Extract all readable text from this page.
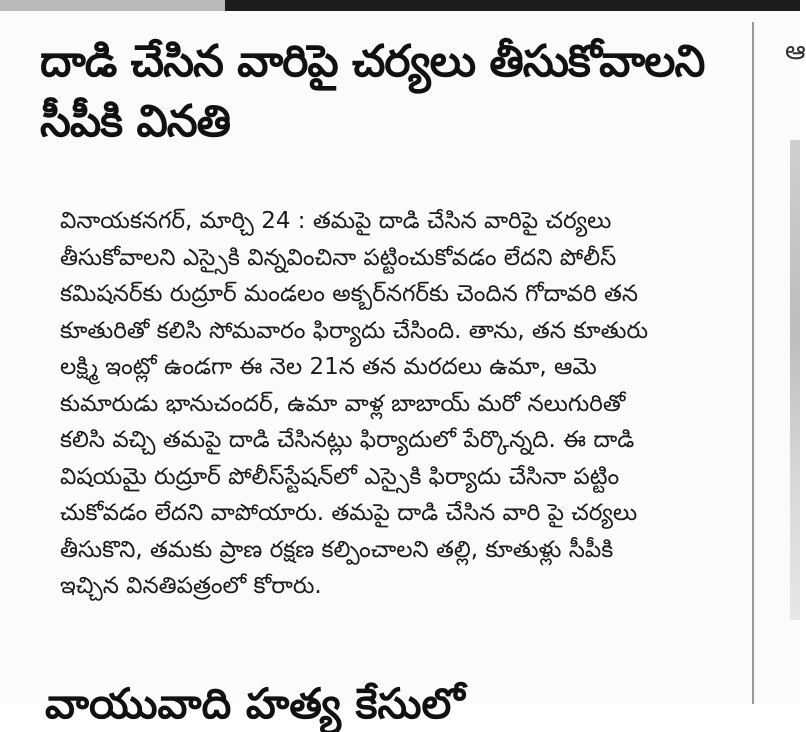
దాడి చేసిన వారిపై చర్యలు తీసుకోవాలని సీపీకి వినతి
వినాయకనగర్, మార్చి 24 : తమపై దాడి చేసిన వారిపై చర్యలు
తీసుకోవాలని ఎస్సైకి విన్నవించినా పట్టించుకోవడం లేదని పోలీస్
కమిషనర్‌కు రుద్రూర్ మండలం అక్బర్‌నగర్‌కు చెందిన గోదావరి తన
కూతురితో కలిసి సోమవారం ఫిర్యాదు చేసింది. తాను, తన కూతురు
లక్ష్మి ఇంట్లో ఉండగా ఈ నెల 21న తన మరదలు ఉమా, ఆమె
కుమారుడు భానుచందర్, ఉమా వాళ్ల బాబాయ్ మరో నలుగురితో
కలిసి వచ్చి తమపై దాడి చేసినట్లు ఫిర్యాదులో పేర్కొన్నది. ఈ దాడి
విషయమై రుద్రూర్ పోలీస్‌స్టేషన్‌లో ఎస్సైకి ఫిర్యాదు చేసినా పట్టిం
చుకోవడం లేదని వాపోయారు. తమపై దాడి చేసిన వారి పై చర్యలు
తీసుకొని, తమకు ప్రాణ రక్షణ కల్పించాలని తల్లి, కూతుళ్లు సీపీకి
ఇచ్చిన వినతిపత్రంలో కోరారు.
వాయువాది హత్య కేసులో
ఆ
